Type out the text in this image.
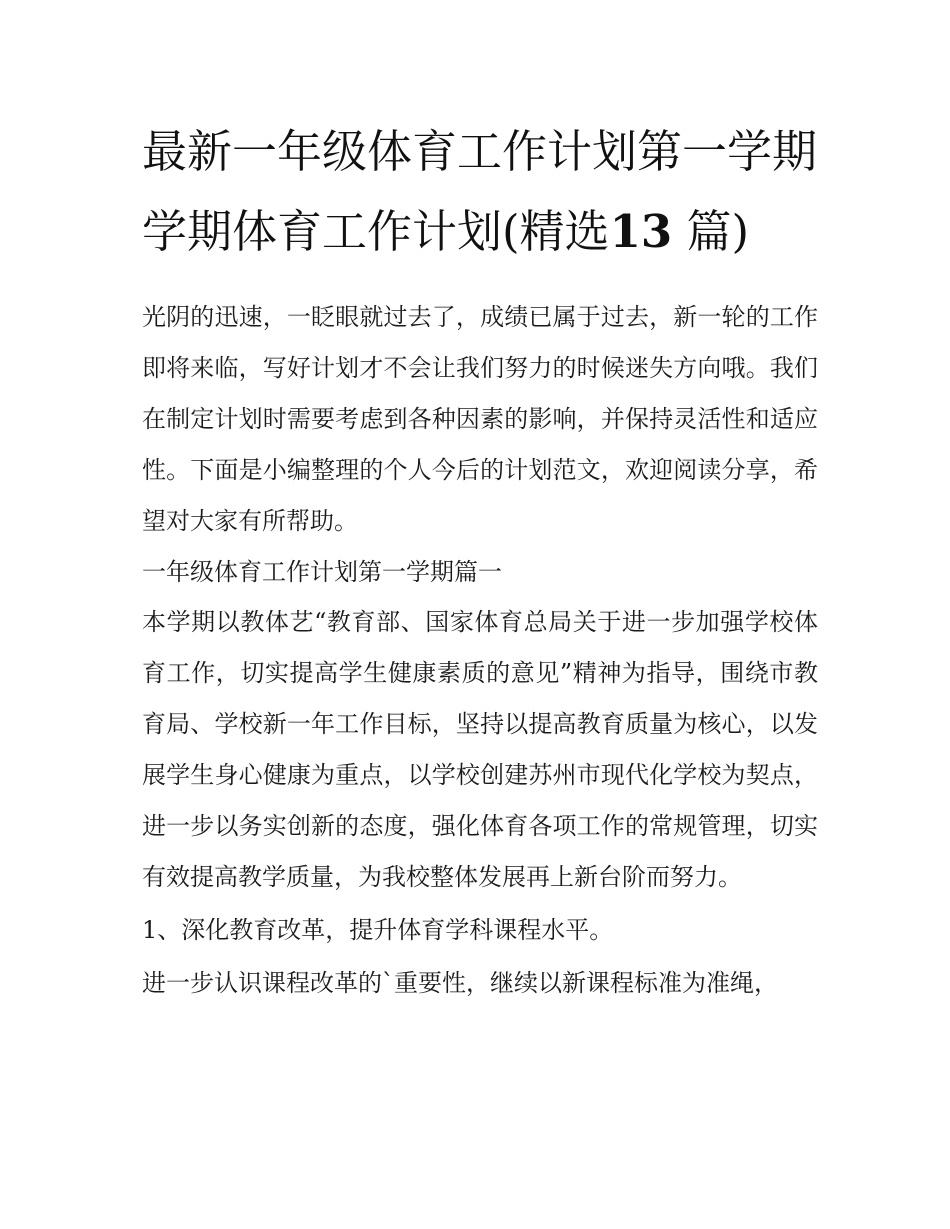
最新一年级体育工作计划第一学期 学期体育工作计划(精选13 篇)

光阴的迅速，一眨眼就过去了，成绩已属于过去，新一轮的工作即将来临，写好计划才不会让我们努力的时候迷失方向哦。我们在制定计划时需要考虑到各种因素的影响，并保持灵活性和适应性。下面是小编整理的个人今后的计划范文，欢迎阅读分享，希望对大家有所帮助。

一年级体育工作计划第一学期篇一

本学期以教体艺“教育部、国家体育总局关于进一步加强学校体育工作，切实提高学生健康素质的意见”精神为指导，围绕市教育局、学校新一年工作目标，坚持以提高教育质量为核心，以发展学生身心健康为重点，以学校创建苏州市现代化学校为契点，进一步以务实创新的态度，强化体育各项工作的常规管理，切实有效提高教学质量，为我校整体发展再上新台阶而努力。

1、深化教育改革，提升体育学科课程水平。

进一步认识课程改革的`重要性，继续以新课程标准为准绳，
